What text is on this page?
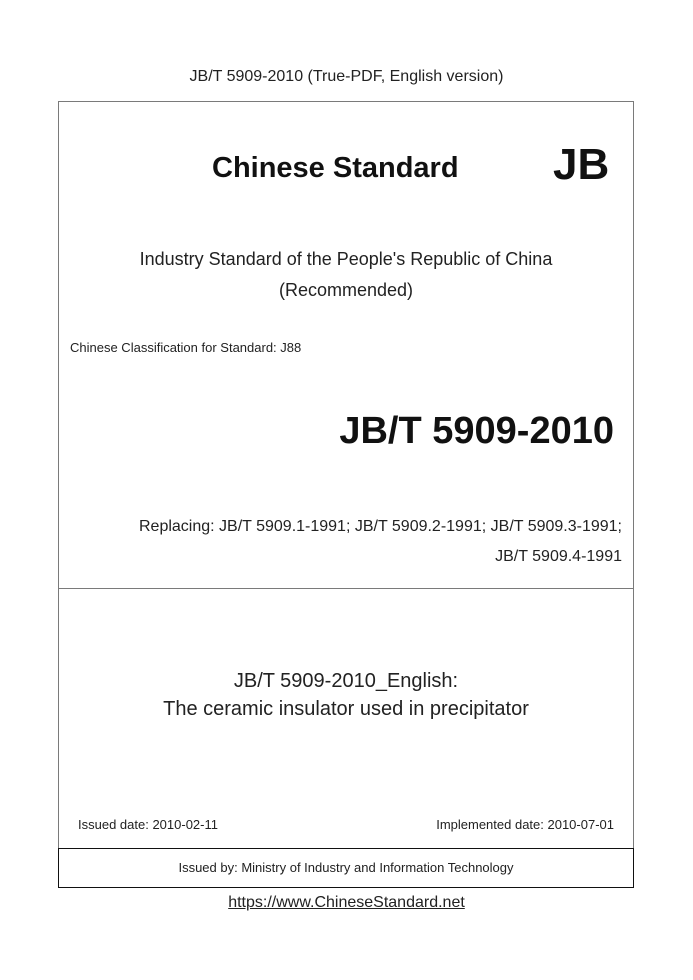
JB/T 5909-2010 (True-PDF, English version)
Chinese Standard JB
Industry Standard of the People's Republic of China
(Recommended)
Chinese Classification for Standard: J88
JB/T 5909-2010
Replacing: JB/T 5909.1-1991; JB/T 5909.2-1991; JB/T 5909.3-1991;
JB/T 5909.4-1991
JB/T 5909-2010_English:
The ceramic insulator used in precipitator
Issued date: 2010-02-11	Implemented date: 2010-07-01
Issued by: Ministry of Industry and Information Technology
https://www.ChineseStandard.net
